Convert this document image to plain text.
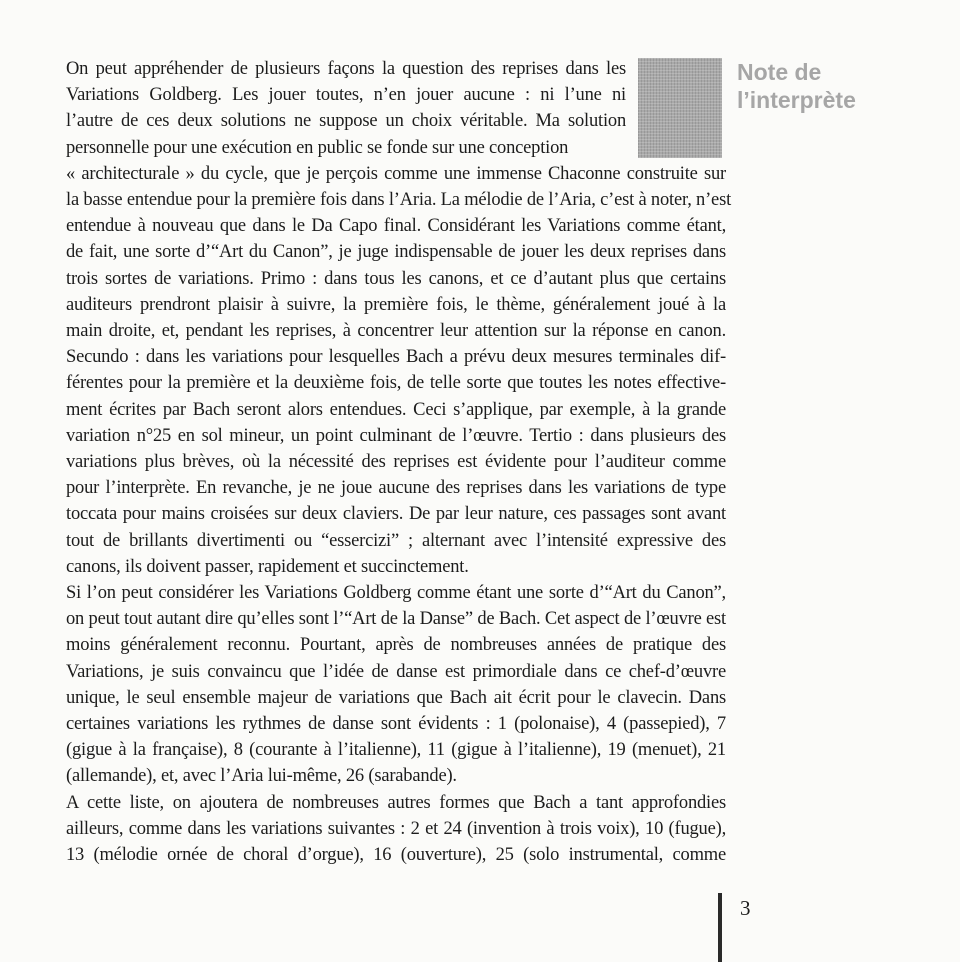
Note de
l’interprète

On peut appréhender de plusieurs façons la question des reprises dans les
Variations Goldberg. Les jouer toutes, n’en jouer aucune : ni l’une ni
l’autre de ces deux solutions ne suppose un choix véritable. Ma solution
personnelle pour une exécution en public se fonde sur une conception
« architecturale » du cycle, que je perçois comme une immense Chaconne construite sur
la basse entendue pour la première fois dans l’Aria. La mélodie de l’Aria, c’est à noter, n’est
entendue à nouveau que dans le Da Capo final. Considérant les Variations comme étant,
de fait, une sorte d’“Art du Canon”, je juge indispensable de jouer les deux reprises dans
trois sortes de variations. Primo : dans tous les canons, et ce d’autant plus que certains
auditeurs prendront plaisir à suivre, la première fois, le thème, généralement joué à la
main droite, et, pendant les reprises, à concentrer leur attention sur la réponse en canon.
Secundo : dans les variations pour lesquelles Bach a prévu deux mesures terminales dif-
férentes pour la première et la deuxième fois, de telle sorte que toutes les notes effective-
ment écrites par Bach seront alors entendues. Ceci s’applique, par exemple, à la grande
variation n°25 en sol mineur, un point culminant de l’œuvre. Tertio : dans plusieurs des
variations plus brèves, où la nécessité des reprises est évidente pour l’auditeur comme
pour l’interprète. En revanche, je ne joue aucune des reprises dans les variations de type
toccata pour mains croisées sur deux claviers. De par leur nature, ces passages sont avant
tout de brillants divertimenti ou “essercizi” ; alternant avec l’intensité expressive des
canons, ils doivent passer, rapidement et succinctement.

Si l’on peut considérer les Variations Goldberg comme étant une sorte d’“Art du Canon”,
on peut tout autant dire qu’elles sont l’“Art de la Danse” de Bach. Cet aspect de l’œuvre est
moins généralement reconnu. Pourtant, après de nombreuses années de pratique des
Variations, je suis convaincu que l’idée de danse est primordiale dans ce chef-d’œuvre
unique, le seul ensemble majeur de variations que Bach ait écrit pour le clavecin. Dans
certaines variations les rythmes de danse sont évidents : 1 (polonaise), 4 (passepied), 7
(gigue à la française), 8 (courante à l’italienne), 11 (gigue à l’italienne), 19 (menuet), 21
(allemande), et, avec l’Aria lui-même, 26 (sarabande).

A cette liste, on ajoutera de nombreuses autres formes que Bach a tant approfondies
ailleurs, comme dans les variations suivantes : 2 et 24 (invention à trois voix), 10 (fugue),
13 (mélodie ornée de choral d’orgue), 16 (ouverture), 25 (solo instrumental, comme

3
